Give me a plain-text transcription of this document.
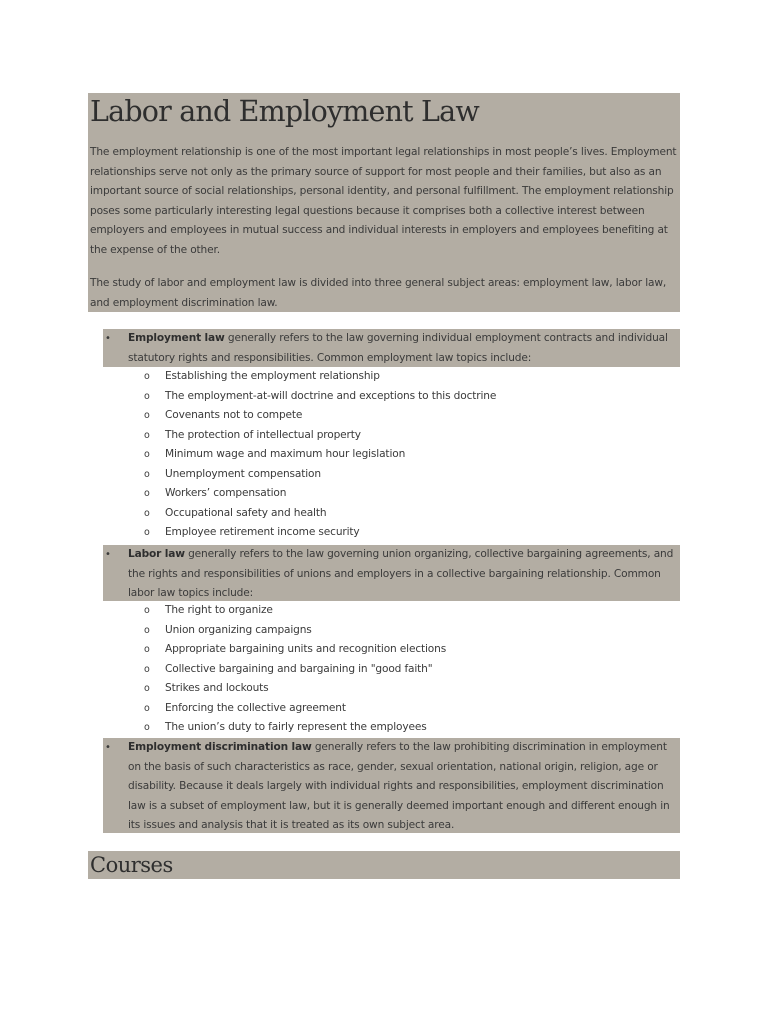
Labor and Employment Law

The employment relationship is one of the most important legal relationships in most people’s lives. Employment relationships serve not only as the primary source of support for most people and their families, but also as an important source of social relationships, personal identity, and personal fulfillment. The employment relationship poses some particularly interesting legal questions because it comprises both a collective interest between employers and employees in mutual success and individual interests in employers and employees benefiting at the expense of the other.

The study of labor and employment law is divided into three general subject areas: employment law, labor law, and employment discrimination law.

• Employment law generally refers to the law governing individual employment contracts and individual statutory rights and responsibilities. Common employment law topics include:
o Establishing the employment relationship
o The employment-at-will doctrine and exceptions to this doctrine
o Covenants not to compete
o The protection of intellectual property
o Minimum wage and maximum hour legislation
o Unemployment compensation
o Workers’ compensation
o Occupational safety and health
o Employee retirement income security
• Labor law generally refers to the law governing union organizing, collective bargaining agreements, and the rights and responsibilities of unions and employers in a collective bargaining relationship. Common labor law topics include:
o The right to organize
o Union organizing campaigns
o Appropriate bargaining units and recognition elections
o Collective bargaining and bargaining in "good faith"
o Strikes and lockouts
o Enforcing the collective agreement
o The union’s duty to fairly represent the employees
• Employment discrimination law generally refers to the law prohibiting discrimination in employment on the basis of such characteristics as race, gender, sexual orientation, national origin, religion, age or disability. Because it deals largely with individual rights and responsibilities, employment discrimination law is a subset of employment law, but it is generally deemed important enough and different enough in its issues and analysis that it is treated as its own subject area.
Courses
